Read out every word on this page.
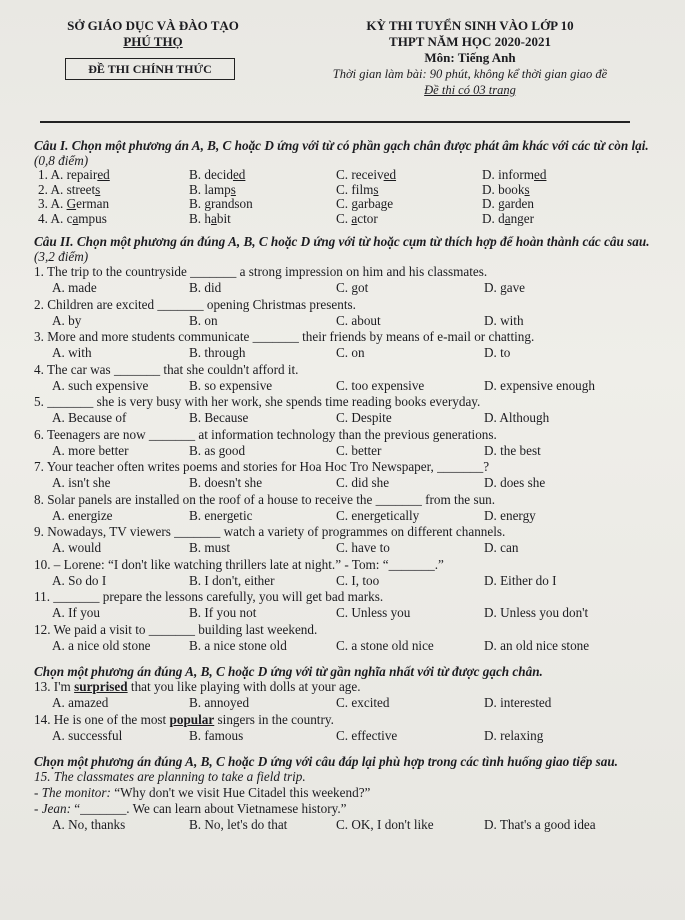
SỞ GIÁO DỤC VÀ ĐÀO TẠO
PHÚ THỌ
ĐỀ THI CHÍNH THỨC
KỲ THI TUYỂN SINH VÀO LỚP 10
THPT NĂM HỌC 2020-2021
Môn: Tiếng Anh
Thời gian làm bài: 90 phút, không kể thời gian giao đề
Đề thi có 03 trang
Câu I. Chọn một phương án A, B, C hoặc D ứng với từ có phần gạch chân được phát âm khác với các từ còn lại. (0,8 điểm)
1. A. repaired	B. decided	C. received	D. informed
2. A. streets	B. lamps	C. films	D. books
3. A. German	B. grandson	C. garbage	D. garden
4. A. campus	B. habit	C. actor	D. danger
Câu II. Chọn một phương án đúng A, B, C hoặc D ứng với từ hoặc cụm từ thích hợp để hoàn thành các câu sau. (3,2 điểm)
1. The trip to the countryside _______ a strong impression on him and his classmates.
A. made	B. did	C. got	D. gave
2. Children are excited _______ opening Christmas presents.
A. by	B. on	C. about	D. with
3. More and more students communicate _______ their friends by means of e-mail or chatting.
A. with	B. through	C. on	D. to
4. The car was _______ that she couldn't afford it.
A. such expensive	B. so expensive	C. too expensive	D. expensive enough
5. _______ she is very busy with her work, she spends time reading books everyday.
A. Because of	B. Because	C. Despite	D. Although
6. Teenagers are now _______ at information technology than the previous generations.
A. more better	B. as good	C. better	D. the best
7. Your teacher often writes poems and stories for Hoa Hoc Tro Newspaper, _______?
A. isn't she	B. doesn't she	C. did she	D. does she
8. Solar panels are installed on the roof of a house to receive the _______ from the sun.
A. energize	B. energetic	C. energetically	D. energy
9. Nowadays, TV viewers _______ watch a variety of programmes on different channels.
A. would	B. must	C. have to	D. can
10. – Lorene: “I don't like watching thrillers late at night.” - Tom: “_______.”
A. So do I	B. I don't, either	C. I, too	D. Either do I
11. _______ prepare the lessons carefully, you will get bad marks.
A. If you	B. If you not	C. Unless you	D. Unless you don't
12. We paid a visit to _______ building last weekend.
A. a nice old stone	B. a nice stone old	C. a stone old nice	D. an old nice stone
Chọn một phương án đúng A, B, C hoặc D ứng với từ gần nghĩa nhất với từ được gạch chân.
13. I'm surprised that you like playing with dolls at your age.
A. amazed	B. annoyed	C. excited	D. interested
14. He is one of the most popular singers in the country.
A. successful	B. famous	C. effective	D. relaxing
Chọn một phương án đúng A, B, C hoặc D ứng với câu đáp lại phù hợp trong các tình huống giao tiếp sau.
15. The classmates are planning to take a field trip.
- The monitor: “Why don't we visit Hue Citadel this weekend?”
- Jean: “_______. We can learn about Vietnamese history.”
A. No, thanks	B. No, let's do that	C. OK, I don't like	D. That's a good idea
